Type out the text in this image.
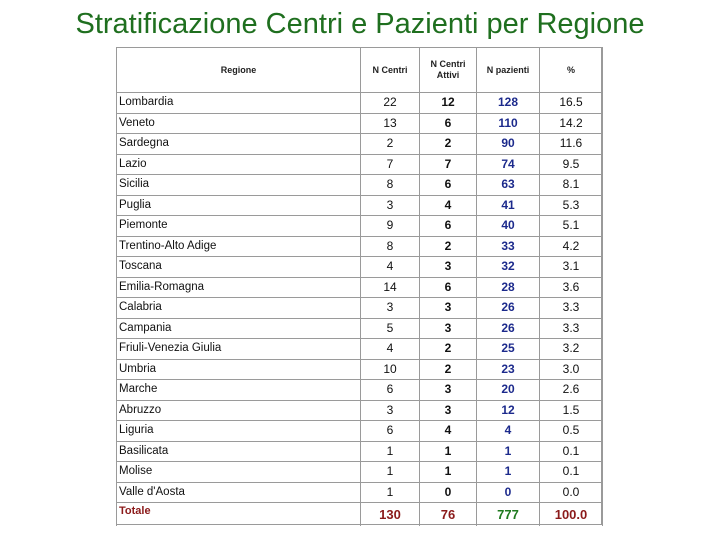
Stratificazione Centri e Pazienti per Regione
Regione	N Centri	N Centri Attivi	N pazienti	%
Lombardia	22	12	128	16.5
Veneto	13	6	110	14.2
Sardegna	2	2	90	11.6
Lazio	7	7	74	9.5
Sicilia	8	6	63	8.1
Puglia	3	4	41	5.3
Piemonte	9	6	40	5.1
Trentino-Alto Adige	8	2	33	4.2
Toscana	4	3	32	3.1
Emilia-Romagna	14	6	28	3.6
Calabria	3	3	26	3.3
Campania	5	3	26	3.3
Friuli-Venezia Giulia	4	2	25	3.2
Umbria	10	2	23	3.0
Marche	6	3	20	2.6
Abruzzo	3	3	12	1.5
Liguria	6	4	4	0.5
Basilicata	1	1	1	0.1
Molise	1	1	1	0.1
Valle d'Aosta	1	0	0	0.0
Totale	130	76	777	100.0
